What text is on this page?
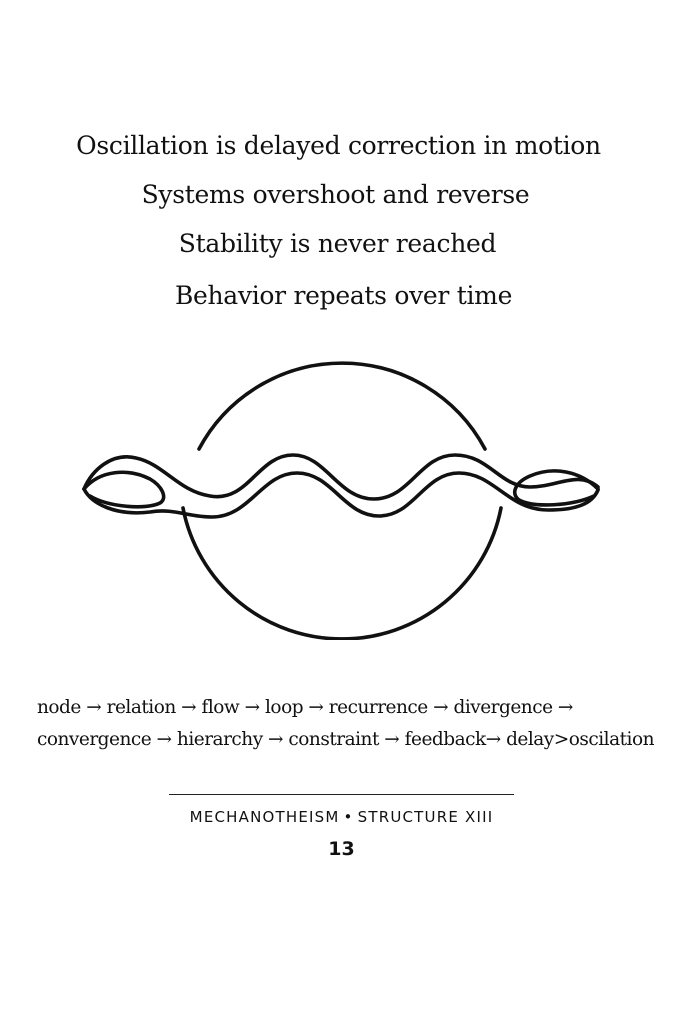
Oscillation is delayed correction in motion
Systems overshoot and reverse
Stability is never reached
Behavior repeats over time
node → relation → flow → loop → recurrence → divergence →
convergence → hierarchy → constraint → feedback→ delay>oscilation
MECHANOTHEISM • STRUCTURE XIII
13
